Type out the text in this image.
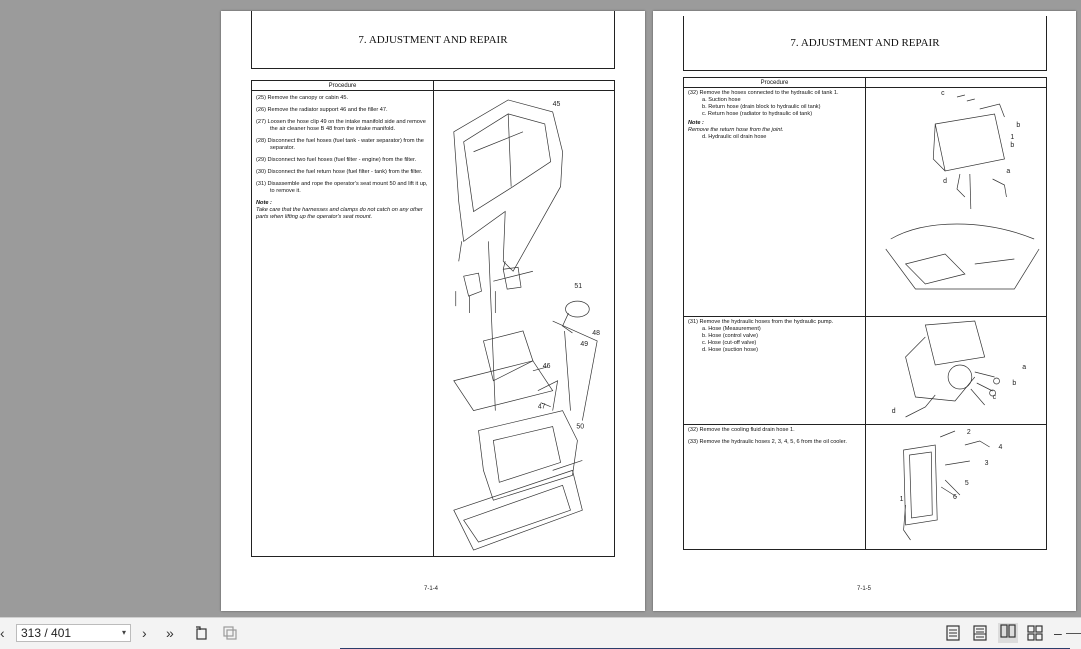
7. ADJUSTMENT AND REPAIR
Procedure
(25) Remove the canopy or cabin 45.
(26) Remove the radiator support 46 and the filler 47.
(27) Loosen the hose clip 49 on the intake manifold side and remove the air cleaner hose B 48 from the intake manifold.
(28) Disconnect the fuel hoses (fuel tank - water separator) from the separator.
(29) Disconnect two fuel hoses (fuel filter - engine) from the filter.
(30) Disconnect the fuel return hose (fuel filter - tank) from the filter.
(31) Disassemble and rope the operator's seat mount 50 and lift it up, to remove it.
Note :
Take care that the harnesses and clamps do not catch on any other parts when lifting up the operator's seat mount.
45
51
48
49
46
47
50
7-1-4
7. ADJUSTMENT AND REPAIR
Procedure
(32) Remove the hoses connected to the hydraulic oil tank 1.
a. Suction hose
b. Return hose (drain block to hydraulic oil tank)
c. Return hose (radiator to hydraulic oil tank)
Note :
Remove the return hose from the joint.
d. Hydraulic oil drain hose
c
b
1
b
a
d
(31) Remove the hydraulic hoses from the hydraulic pump.
a. Hose (Measurement)
b. Hose (control valve)
c. Hose (cut-off valve)
d. Hose (suction hose)
a
b
c
d
(32) Remove the cooling fluid drain hose 1.
(33) Remove the hydraulic hoses 2, 3, 4, 5, 6 from the oil cooler.
2
4
3
5
6
1
7-1-5
‹	313 / 401	▾ › »	–
